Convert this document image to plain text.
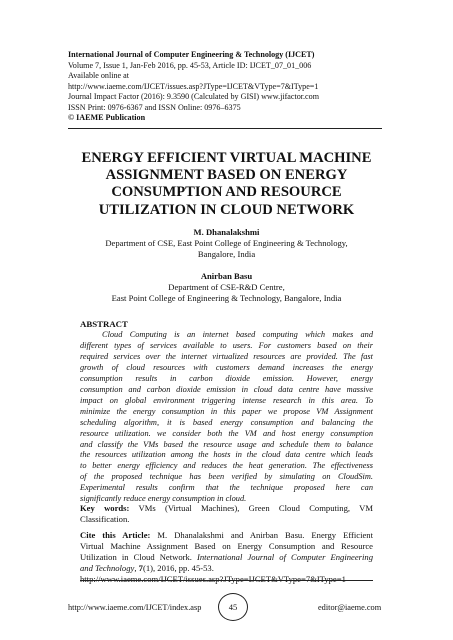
International Journal of Computer Engineering & Technology (IJCET)
Volume 7, Issue 1, Jan-Feb 2016, pp. 45-53, Article ID: IJCET_07_01_006
Available online at
http://www.iaeme.com/IJCET/issues.asp?JType=IJCET&VType=7&IType=1
Journal Impact Factor (2016): 9.3590 (Calculated by GISI) www.jifactor.com
ISSN Print: 0976-6367 and ISSN Online: 0976–6375
© IAEME Publication
ENERGY EFFICIENT VIRTUAL MACHINE
ASSIGNMENT BASED ON ENERGY
CONSUMPTION AND RESOURCE
UTILIZATION IN CLOUD NETWORK
M. Dhanalakshmi
Department of CSE, East Point College of Engineering & Technology,
Bangalore, India
Anirban Basu
Department of CSE-R&D Centre,
East Point College of Engineering & Technology, Bangalore, India
ABSTRACT
Cloud Computing is an internet based computing which makes and
different types of services available to users. For customers based on their
required services over the internet virtualized resources are provided. The fast
growth of cloud resources with customers demand increases the energy
consumption results in carbon dioxide emission. However, energy
consumption and carbon dioxide emission in cloud data centre have massive
impact on global environment triggering intense research in this area. To
minimize the energy consumption in this paper we propose VM Assignment
scheduling algorithm, it is based energy consumption and balancing the
resource utilization. we consider both the VM and host energy consumption
and classify the VMs based the resource usage and schedule them to balance
the resources utilization among the hosts in the cloud data centre which leads
to better energy efficiency and reduces the heat generation. The effectiveness
of the proposed technique has been verified by simulating on CloudSim.
Experimental results confirm that the technique proposed here can
significantly reduce energy consumption in cloud.
Key words: VMs (Virtual Machines), Green Cloud Computing, VM
Classification.
Cite this Article: M. Dhanalakshmi and Anirban Basu. Energy Efficient
Virtual Machine Assignment Based on Energy Consumption and Resource
Utilization in Cloud Network. International Journal of Computer Engineering
and Technology, 7(1), 2016, pp. 45-53.
http://www.iaeme.com/IJCET/issues.asp?JType=IJCET&VType=7&IType=1
http://www.iaeme.com/IJCET/index.asp	45	editor@iaeme.com
